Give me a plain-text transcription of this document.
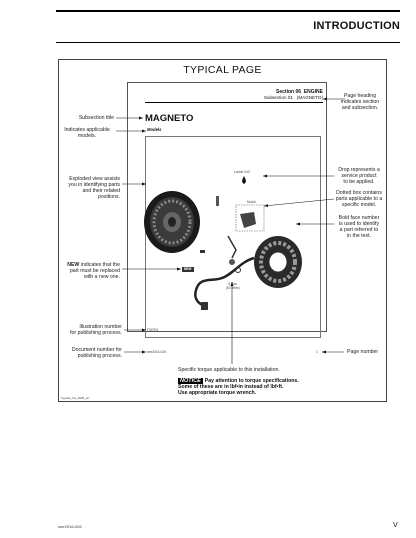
INTRODUCTION
TYPICAL PAGE
Section 06 ENGINE
Subsection 01 (MAGNETO)
MAGNETO
Models
Loctite 243
Model
NEW
6 N•m
(53 lbf•in)
F01R01
smr2016-025	1
Subsection title
Indicates applicable
models.
Exploded view assists
you in identifying parts
and their related
positions.
NEW indicates that the
part must be replaced
with a new one.
Illustration number
for publishing process.
Document number for
publishing process.
Page heading
indicates section
and subsection.
Drop represents a
service product
to be applied.
Dotted box contains
parts applicable to a
specific model.
Bold face number
is used to identify
a part referred to
in the text.
Page number
Specific torque applicable to this installation.
NOTICE Pay attention to torque specifications.
Some of these are in lbf•in instead of lbf•ft.
Use appropriate torque wrench.
Typical_1st_0005_en
smr2016-026	V
